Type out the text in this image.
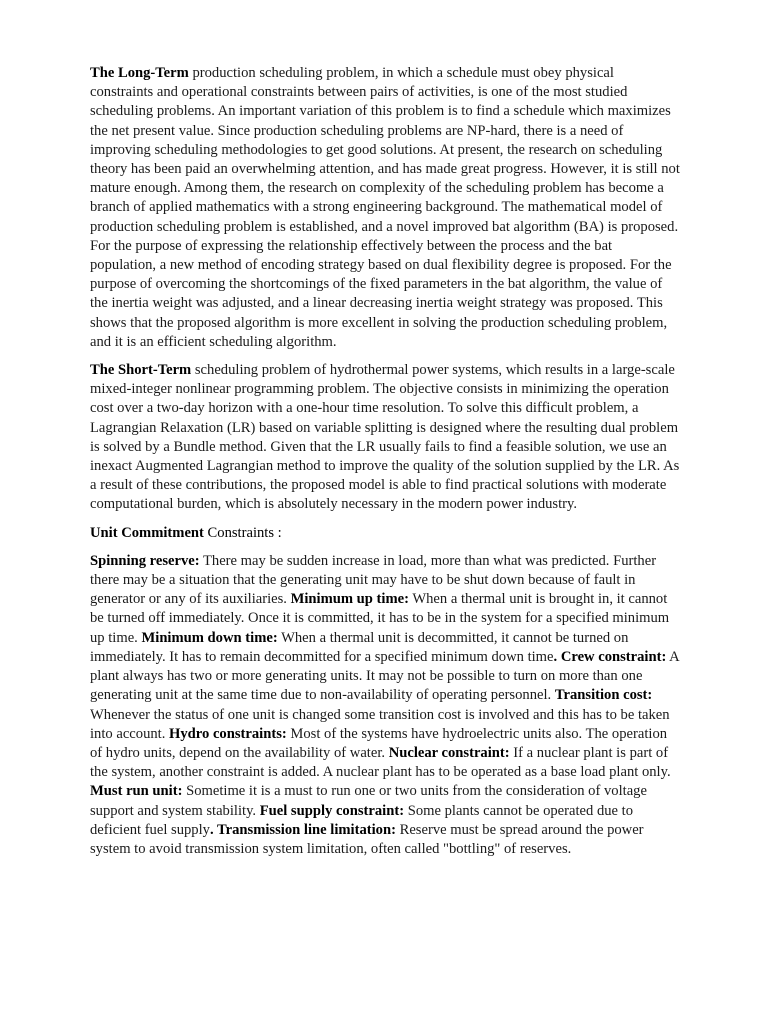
The Long-Term production scheduling problem, in which a schedule must obey physical constraints and operational constraints between pairs of activities, is one of the most studied scheduling problems. An important variation of this problem is to find a schedule which maximizes the net present value. Since production scheduling problems are NP-hard, there is a need of improving scheduling methodologies to get good solutions. At present, the research on scheduling theory has been paid an overwhelming attention, and has made great progress. However, it is still not mature enough. Among them, the research on complexity of the scheduling problem has become a branch of applied mathematics with a strong engineering background. The mathematical model of production scheduling problem is established, and a novel improved bat algorithm (BA) is proposed. For the purpose of expressing the relationship effectively between the process and the bat population, a new method of encoding strategy based on dual flexibility degree is proposed. For the purpose of overcoming the shortcomings of the fixed parameters in the bat algorithm, the value of the inertia weight was adjusted, and a linear decreasing inertia weight strategy was proposed. This shows that the proposed algorithm is more excellent in solving the production scheduling problem, and it is an efficient scheduling algorithm.

The Short-Term scheduling problem of hydrothermal power systems, which results in a large-scale mixed-integer nonlinear programming problem. The objective consists in minimizing the operation cost over a two-day horizon with a one-hour time resolution. To solve this difficult problem, a Lagrangian Relaxation (LR) based on variable splitting is designed where the resulting dual problem is solved by a Bundle method. Given that the LR usually fails to find a feasible solution, we use an inexact Augmented Lagrangian method to improve the quality of the solution supplied by the LR. As a result of these contributions, the proposed model is able to find practical solutions with moderate computational burden, which is absolutely necessary in the modern power industry.

Unit Commitment Constraints :

Spinning reserve: There may be sudden increase in load, more than what was predicted. Further there may be a situation that the generating unit may have to be shut down because of fault in generator or any of its auxiliaries. Minimum up time: When a thermal unit is brought in, it cannot be turned off immediately. Once it is committed, it has to be in the system for a specified minimum up time. Minimum down time: When a thermal unit is decommitted, it cannot be turned on immediately. It has to remain decommitted for a specified minimum down time. Crew constraint: A plant always has two or more generating units. It may not be possible to turn on more than one generating unit at the same time due to non-availability of operating personnel. Transition cost: Whenever the status of one unit is changed some transition cost is involved and this has to be taken into account. Hydro constraints: Most of the systems have hydroelectric units also. The operation of hydro units, depend on the availability of water. Nuclear constraint: If a nuclear plant is part of the system, another constraint is added. A nuclear plant has to be operated as a base load plant only. Must run unit: Sometime it is a must to run one or two units from the consideration of voltage support and system stability. Fuel supply constraint: Some plants cannot be operated due to deficient fuel supply. Transmission line limitation: Reserve must be spread around the power system to avoid transmission system limitation, often called "bottling" of reserves.
